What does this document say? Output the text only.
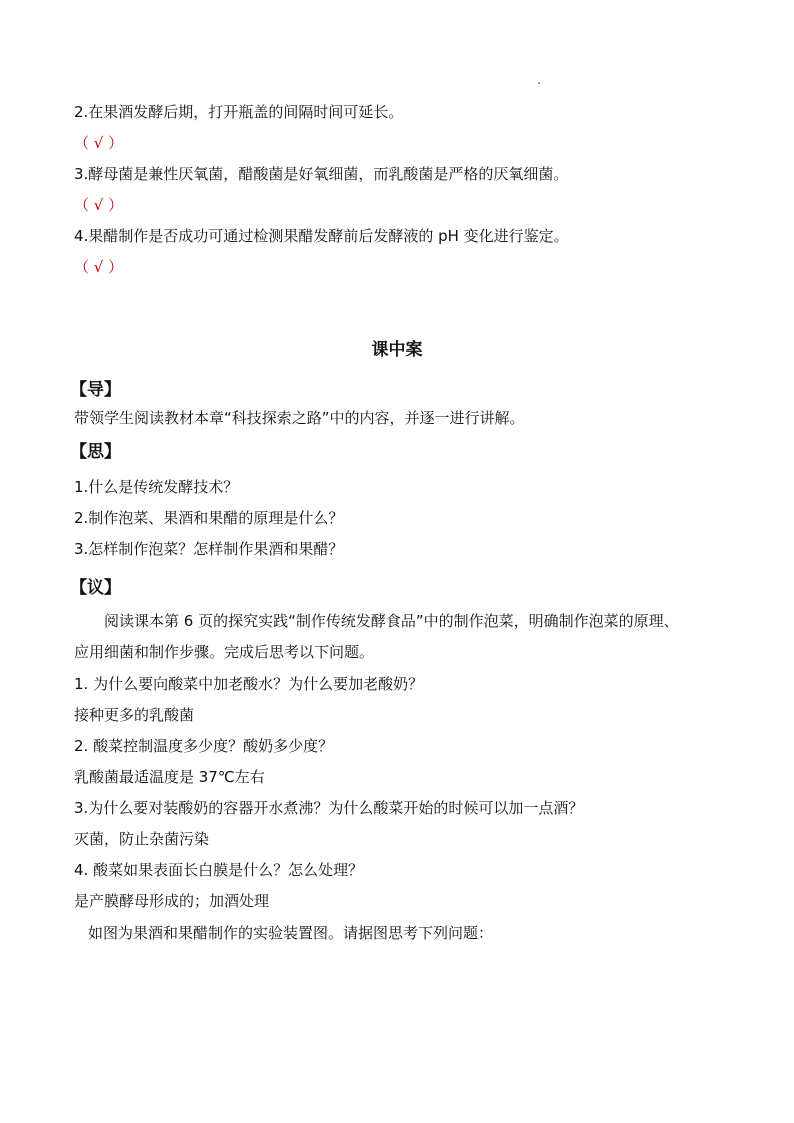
2.在果酒发酵后期，打开瓶盖的间隔时间可延长。
（ √ ）
3.酵母菌是兼性厌氧菌，醋酸菌是好氧细菌，而乳酸菌是严格的厌氧细菌。
（ √ ）
4.果醋制作是否成功可通过检测果醋发酵前后发酵液的 pH 变化进行鉴定。
（ √ ）
课中案
【导】
带领学生阅读教材本章“科技探索之路”中的内容，并逐一进行讲解。
【思】
1.什么是传统发酵技术？
2.制作泡菜、果酒和果醋的原理是什么？
3.怎样制作泡菜？怎样制作果酒和果醋？
【议】
阅读课本第 6 页的探究实践“制作传统发酵食品”中的制作泡菜，明确制作泡菜的原理、
应用细菌和制作步骤。完成后思考以下问题。
1. 为什么要向酸菜中加老酸水？为什么要加老酸奶？
接种更多的乳酸菌
2. 酸菜控制温度多少度？酸奶多少度？
乳酸菌最适温度是 37℃左右
3.为什么要对装酸奶的容器开水煮沸？为什么酸菜开始的时候可以加一点酒？
灭菌，防止杂菌污染
4. 酸菜如果表面长白膜是什么？怎么处理？
是产膜酵母形成的；加酒处理
如图为果酒和果醋制作的实验装置图。请据图思考下列问题：
